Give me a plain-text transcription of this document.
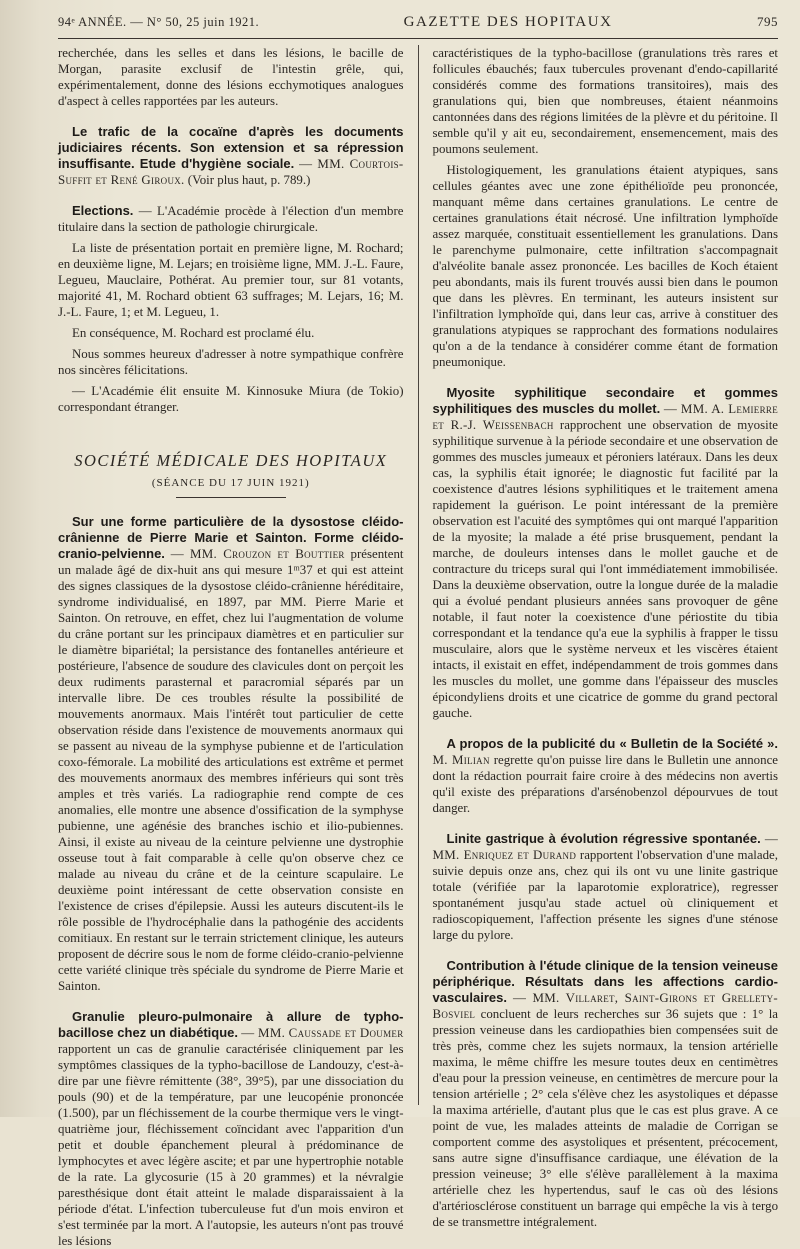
94ᵉ ANNÉE. — N° 50, 25 juin 1921.	GAZETTE DES HOPITAUX	795

recherchée, dans les selles et dans les lésions, le bacille de Morgan, parasite exclusif de l'intestin grêle, qui, expérimentalement, donne des lésions ecchymotiques analogues d'aspect à celles rapportées par les auteurs.

Le trafic de la cocaïne d'après les documents judiciaires récents. Son extension et sa répression insuffisante. Etude d'hygiène sociale. — MM. Courtois-Suffit et René Giroux. (Voir plus haut, p. 789.)

Elections. — L'Académie procède à l'élection d'un membre titulaire dans la section de pathologie chirurgicale.

La liste de présentation portait en première ligne, M. Rochard; en deuxième ligne, M. Lejars; en troisième ligne, MM. J.-L. Faure, Legueu, Mauclaire, Pothérat. Au premier tour, sur 81 votants, majorité 41, M. Rochard obtient 63 suffrages; M. Lejars, 16; M. J.-L. Faure, 1; et M. Legueu, 1.

En conséquence, M. Rochard est proclamé élu.

Nous sommes heureux d'adresser à notre sympathique confrère nos sincères félicitations.

— L'Académie élit ensuite M. Kinnosuke Miura (de Tokio) correspondant étranger.

SOCIÉTÉ MÉDICALE DES HOPITAUX
(SÉANCE DU 17 JUIN 1921)

Sur une forme particulière de la dysostose cléido-crânienne de Pierre Marie et Sainton. Forme cléido-cranio-pelvienne. — MM. Crouzon et Bouttier présentent un malade âgé de dix-huit ans qui mesure 1ᵐ37 et qui est atteint des signes classiques de la dysostose cléido-crânienne héréditaire, syndrome individualisé, en 1897, par MM. Pierre Marie et Sainton. On retrouve, en effet, chez lui l'augmentation de volume du crâne portant sur les principaux diamètres et en particulier sur le diamètre bipariétal; la persistance des fontanelles antérieure et postérieure, l'absence de soudure des clavicules dont on perçoit les deux rudiments parasternal et paracromial séparés par un intervalle libre. De ces troubles résulte la possibilité de mouvements anormaux. Mais l'intérêt tout particulier de cette observation réside dans l'existence de mouvements anormaux qui se passent au niveau de la symphyse pubienne et de l'articulation coxo-fémorale. La mobilité des articulations est extrême et permet des mouvements anormaux des membres inférieurs qui sont très amples et très variés. La radiographie rend compte de ces anomalies, elle montre une absence d'ossification de la symphyse pubienne, une agénésie des branches ischio et ilio-pubiennes. Ainsi, il existe au niveau de la ceinture pelvienne une dystrophie osseuse tout à fait comparable à celle qu'on observe chez ce malade au niveau du crâne et de la ceinture scapulaire. Le deuxième point intéressant de cette observation consiste en l'existence de crises d'épilepsie. Aussi les auteurs discutent-ils le rôle possible de l'hydrocéphalie dans la pathogénie des accidents comitiaux. En restant sur le terrain strictement clinique, les auteurs proposent de décrire sous le nom de forme cléido-cranio-pelvienne cette variété clinique très spéciale du syndrome de Pierre Marie et Sainton.

Granulie pleuro-pulmonaire à allure de typho-bacillose chez un diabétique. — MM. Caussade et Doumer rapportent un cas de granulie caractérisée cliniquement par les symptômes classiques de la typho-bacillose de Landouzy, c'est-à-dire par une fièvre rémittente (38°, 39°5), par une dissociation du pouls (90) et de la température, par une leucopénie prononcée (1.500), par un fléchissement de la courbe thermique vers le vingt-quatrième jour, fléchissement coïncidant avec l'apparition d'un petit et double épanchement pleural à prédominance de lymphocytes et avec légère ascite; et par une hypertrophie notable de la rate. La glycosurie (15 à 20 grammes) et la névralgie paresthésique dont était atteint le malade disparaissaient à la période d'état. L'infection tuberculeuse fut d'un mois environ et s'est terminée par la mort. A l'autopsie, les auteurs n'ont pas trouvé les lésions

caractéristiques de la typho-bacillose (granulations très rares et follicules ébauchés; faux tubercules provenant d'endo-capillarité considérés comme des formations transitoires), mais des granulations qui, bien que nombreuses, étaient néanmoins cantonnées dans des régions limitées de la plèvre et du péritoine. Il semble qu'il y ait eu, secondairement, ensemencement, mais des poumons seulement.

Histologiquement, les granulations étaient atypiques, sans cellules géantes avec une zone épithélioïde peu prononcée, manquant même dans certaines granulations. Le centre de certaines granulations était nécrosé. Une infiltration lymphoïde assez marquée, constituait essentiellement les granulations. Dans le parenchyme pulmonaire, cette infiltration s'accompagnait d'alvéolite banale assez prononcée. Les bacilles de Koch étaient peu abondants, mais ils furent trouvés aussi bien dans le poumon que dans les plèvres. En terminant, les auteurs insistent sur l'infiltration lymphoïde qui, dans leur cas, arrive à constituer des granulations atypiques se rapprochant des formations nodulaires qu'on a de la tendance à considérer comme étant de formation pneumonique.

Myosite syphilitique secondaire et gommes syphilitiques des muscles du mollet. — MM. A. Lemierre et R.-J. Weissenbach rapprochent une observation de myosite syphilitique survenue à la période secondaire et une observation de gommes des muscles jumeaux et péroniers latéraux. Dans les deux cas, la syphilis était ignorée; le diagnostic fut facilité par la coexistence d'autres lésions syphilitiques et le traitement amena rapidement la guérison. Le point intéressant de la première observation est l'acuité des symptômes qui ont marqué l'apparition de la myosite; la malade a été prise brusquement, pendant la marche, de douleurs intenses dans le mollet gauche et de contracture du triceps sural qui l'ont immédiatement immobilisée. Dans la deuxième observation, outre la longue durée de la maladie qui a évolué pendant plusieurs années sans provoquer de gêne notable, il faut noter la coexistence d'une périostite du tibia correspondant et la tendance qu'a eue la syphilis à frapper le tissu musculaire, alors que le système nerveux et les viscères étaient intacts, il existait en effet, indépendamment de trois gommes dans les muscles du mollet, une gomme dans l'épaisseur des muscles épicondyliens droits et une cicatrice de gomme du grand pectoral gauche.

A propos de la publicité du « Bulletin de la Société ». M. Milian regrette qu'on puisse lire dans le Bulletin une annonce dont la rédaction pourrait faire croire à des médecins non avertis qu'il existe des préparations d'arsénobenzol dépourvues de tout danger.

Linite gastrique à évolution régressive spontanée. — MM. Enriquez et Durand rapportent l'observation d'une malade, suivie depuis onze ans, chez qui ils ont vu une linite gastrique totale (vérifiée par la laparotomie exploratrice), regresser spontanément jusqu'au stade actuel où cliniquement et radioscopiquement, l'affection présente les signes d'une sténose large du pylore.

Contribution à l'étude clinique de la tension veineuse périphérique. Résultats dans les affections cardio-vasculaires. — MM. Villaret, Saint-Girons et Grellety-Bosviel concluent de leurs recherches sur 36 sujets que : 1° la pression veineuse dans les cardiopathies bien compensées suit de très près, comme chez les sujets normaux, la tension artérielle maxima, le même chiffre les mesure toutes deux en centimètres d'eau pour la pression veineuse, en centimètres de mercure pour la tension artérielle ; 2° cela s'élève chez les asystoliques et dépasse la maxima artérielle, d'autant plus que le cas est plus grave. A ce point de vue, les malades atteints de maladie de Corrigan se comportent comme des asystoliques et présentent, précocement, sans autre signe d'insuffisance cardiaque, une élévation de la pression veineuse; 3° elle s'élève parallèlement à la maxima artérielle chez les hypertendus, sauf le cas où des lésions d'artériosclérose constituent un barrage qui empêche la vis à tergo de se transmettre intégralement.
